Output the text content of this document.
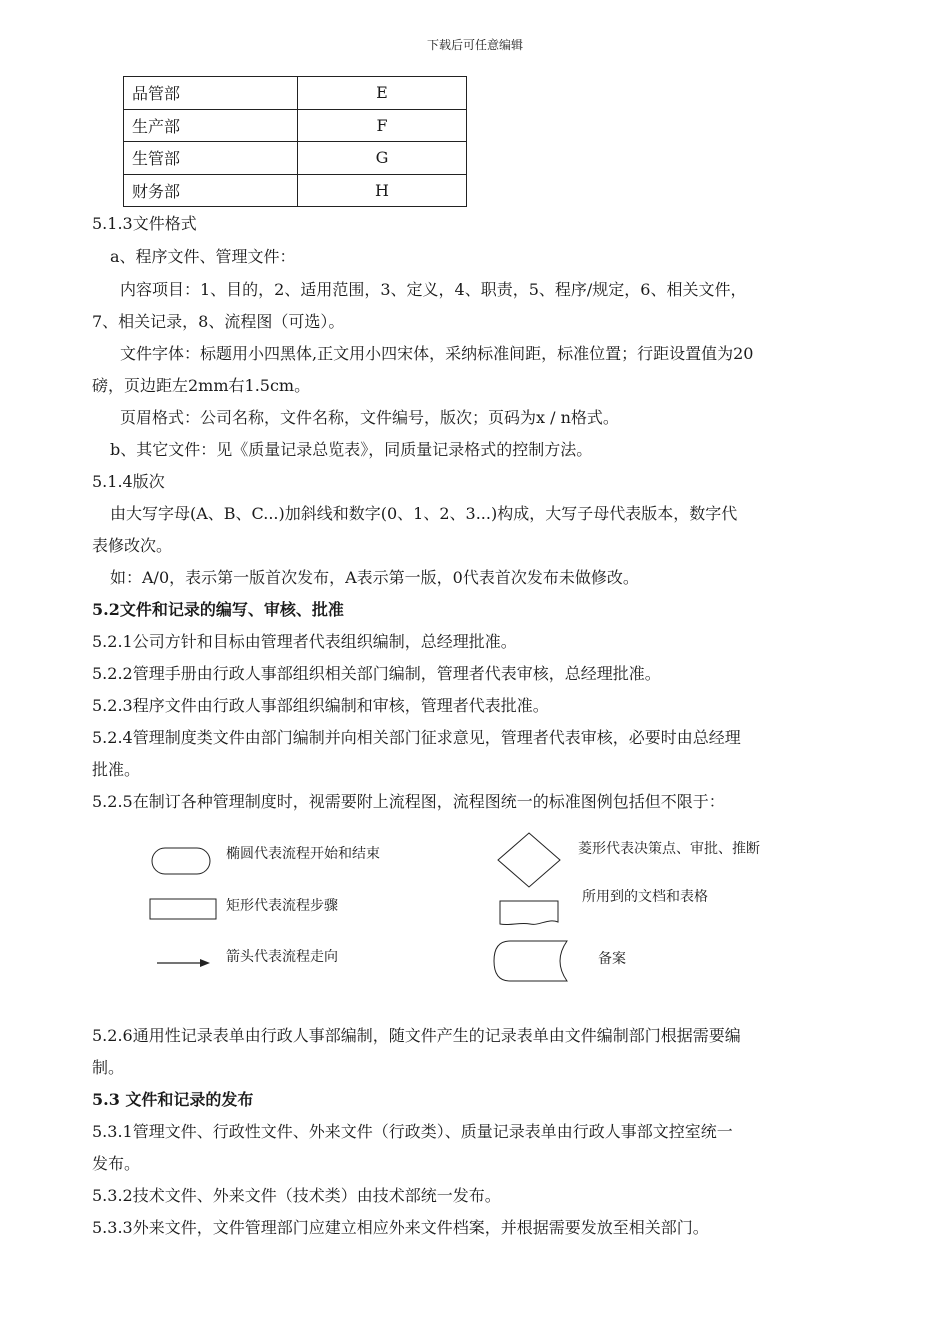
下载后可任意编辑
品管部	E
生产部	F
生管部	G
财务部	H
5.1.3文件格式
a、程序文件、管理文件：
内容项目：1、目的，2、适用范围，3、定义，4、职责，5、程序/规定，6、相关文件，
7、相关记录，8、流程图（可选）。
文件字体：标题用小四黑体,正文用小四宋体，采纳标准间距，标准位置；行距设置值为20
磅，页边距左2mm右1.5cm。
页眉格式：公司名称，文件名称，文件编号，版次；页码为x / n格式。
b、其它文件：见《质量记录总览表》，同质量记录格式的控制方法。
5.1.4版次
由大写字母(A、B、C...)加斜线和数字(0、1、2、3...)构成，大写子母代表版本，数字代
表修改次。
如：A/0，表示第一版首次发布，A表示第一版，0代表首次发布未做修改。
5.2文件和记录的编写、审核、批准
5.2.1公司方针和目标由管理者代表组织编制，总经理批准。
5.2.2管理手册由行政人事部组织相关部门编制，管理者代表审核，总经理批准。
5.2.3程序文件由行政人事部组织编制和审核，管理者代表批准。
5.2.4管理制度类文件由部门编制并向相关部门征求意见，管理者代表审核，必要时由总经理
批准。
5.2.5在制订各种管理制度时，视需要附上流程图，流程图统一的标准图例包括但不限于：
椭圆代表流程开始和结束
矩形代表流程步骤
箭头代表流程走向
菱形代表决策点、审批、推断
所用到的文档和表格
备案
5.2.6通用性记录表单由行政人事部编制，随文件产生的记录表单由文件编制部门根据需要编
制。
5.3 文件和记录的发布
5.3.1管理文件、行政性文件、外来文件（行政类）、质量记录表单由行政人事部文控室统一
发布。
5.3.2技术文件、外来文件（技术类）由技术部统一发布。
5.3.3外来文件，文件管理部门应建立相应外来文件档案，并根据需要发放至相关部门。
